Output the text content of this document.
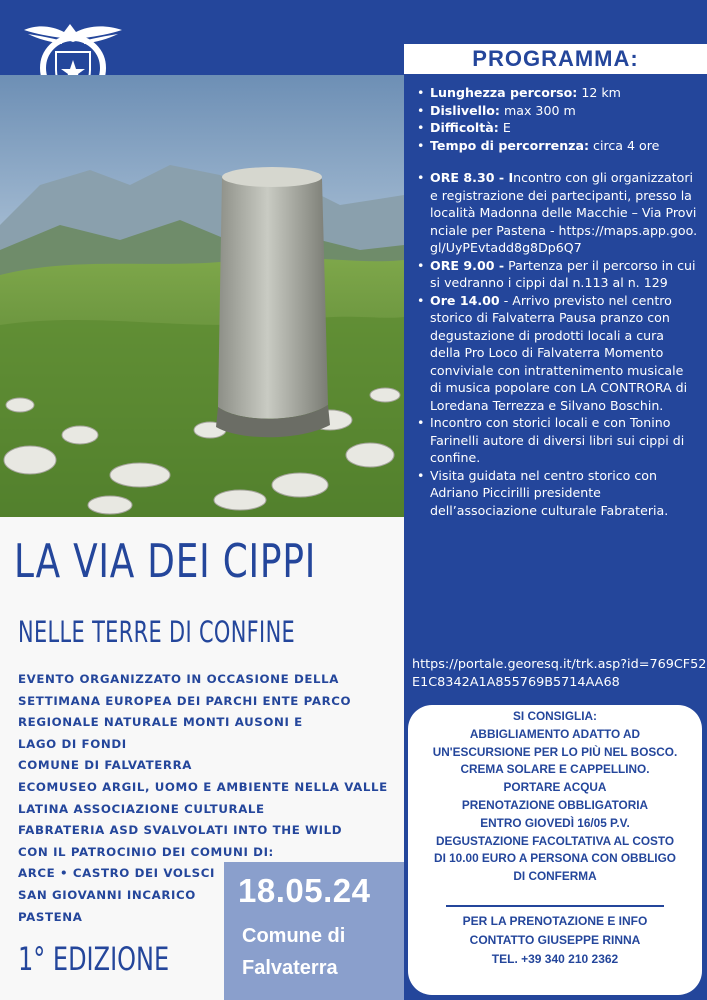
PROGRAMMA:
• Lunghezza percorso: 12 km
• Dislivello: max 300 m
• Difficoltà: E
• Tempo di percorrenza: circa 4 ore
• ORE 8.30 - Incontro con gli organizzatori e registrazione dei partecipanti, presso la località Madonna delle Macchie – Via Provinciale per Pastena - https://maps.app.goo.gl/UyPEvtadd8g8Dp6Q7
• ORE 9.00 - Partenza per il percorso in cui si vedranno i cippi dal n.113 al n. 129
• Ore 14.00 - Arrivo previsto nel centro storico di Falvaterra Pausa pranzo con degustazione di prodotti locali a cura della Pro Loco di Falvaterra Momento conviviale con intrattenimento musicale di musica popolare con LA CONTRORA di Loredana Terrezza e Silvano Boschin.
• Incontro con storici locali e con Tonino Farinelli autore di diversi libri sui cippi di confine.
• Visita guidata nel centro storico con Adriano Piccirilli presidente dell’associazione culturale Fabrateria.
https://portale.georesq.it/trk.asp?id=769CF52E1C8342A1A855769B5714AA68
SI CONSIGLIA:
ABBIGLIAMENTO ADATTO AD
UN'ESCURSIONE PER LO PIÙ NEL BOSCO.
CREMA SOLARE E CAPPELLINO.
PORTARE ACQUA
PRENOTAZIONE OBBLIGATORIA
ENTRO GIOVEDÌ 16/05 P.V.
DEGUSTAZIONE FACOLTATIVA AL COSTO
DI 10.00 EURO A PERSONA CON OBBLIGO
DI CONFERMA
PER LA PRENOTAZIONE E INFO
CONTATTO GIUSEPPE RINNA
TEL. +39 340 210 2362
LA VIA DEI CIPPI
NELLE TERRE DI CONFINE
EVENTO ORGANIZZATO IN OCCASIONE DELLA
SETTIMANA EUROPEA DEI PARCHI ENTE PARCO
REGIONALE NATURALE MONTI AUSONI E
LAGO DI FONDI
COMUNE DI FALVATERRA
ECOMUSEO ARGIL, UOMO E AMBIENTE NELLA VALLE
LATINA ASSOCIAZIONE CULTURALE
FABRATERIA ASD SVALVOLATI INTO THE WILD
CON IL PATROCINIO DEI COMUNI DI:
ARCE • CASTRO DEI VOLSCI
SAN GIOVANNI INCARICO
PASTENA
1° EDIZIONE
18.05.24
Comune di
Falvaterra
